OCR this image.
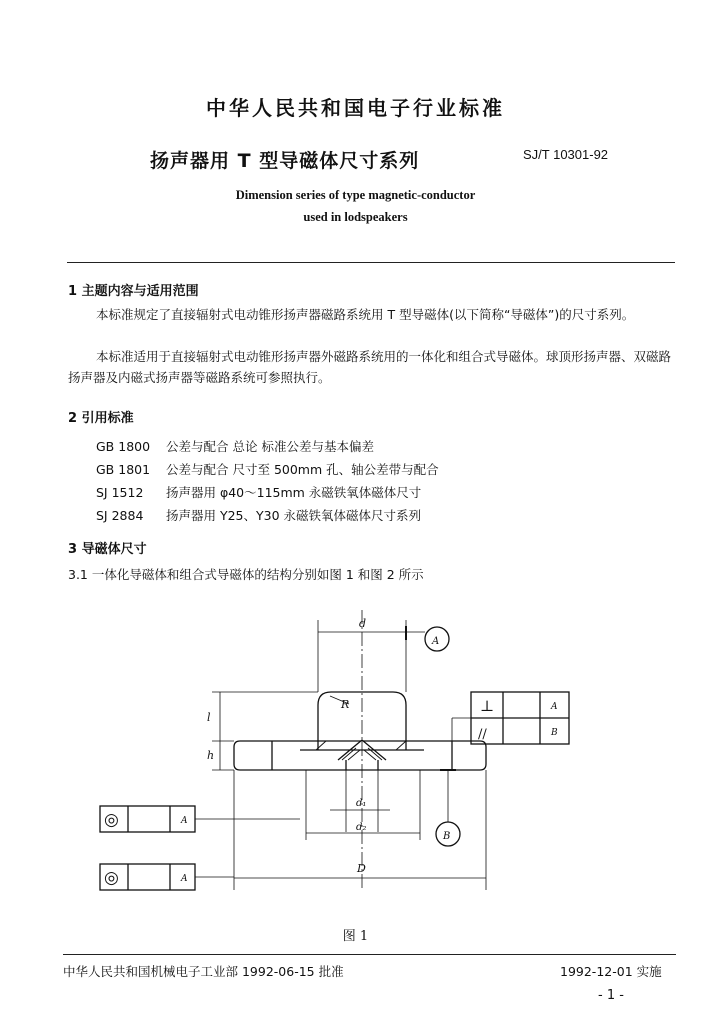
中华人民共和国电子行业标准
扬声器用 T 型导磁体尺寸系列	SJ/T 10301-92
Dimension series of type magnetic-conductor
used in lodspeakers
1 主题内容与适用范围
本标准规定了直接辐射式电动锥形扬声器磁路系统用 T 型导磁体(以下简称“导磁体”)的尺寸系列。
本标准适用于直接辐射式电动锥形扬声器外磁路系统用的一体化和组合式导磁体。球顶形扬声器、双磁路扬声器及内磁式扬声器等磁路系统可参照执行。
2 引用标准
GB 1800 公差与配合 总论 标准公差与基本偏差
GB 1801 公差与配合 尺寸至 500mm 孔、轴公差带与配合
SJ 1512 扬声器用 φ40～115mm 永磁铁氧体磁体尺寸
SJ 2884 扬声器用 Y25、Y30 永磁铁氧体磁体尺寸系列
3 导磁体尺寸
3.1 一体化导磁体和组合式导磁体的结构分别如图 1 和图 2 所示
d
A
B
R
l
h
d₁
d₂
D
A
B
A
A
⊥
//
◎
◎
图 1
中华人民共和国机械电子工业部 1992-06-15 批准	1992-12-01 实施
- 1 -
